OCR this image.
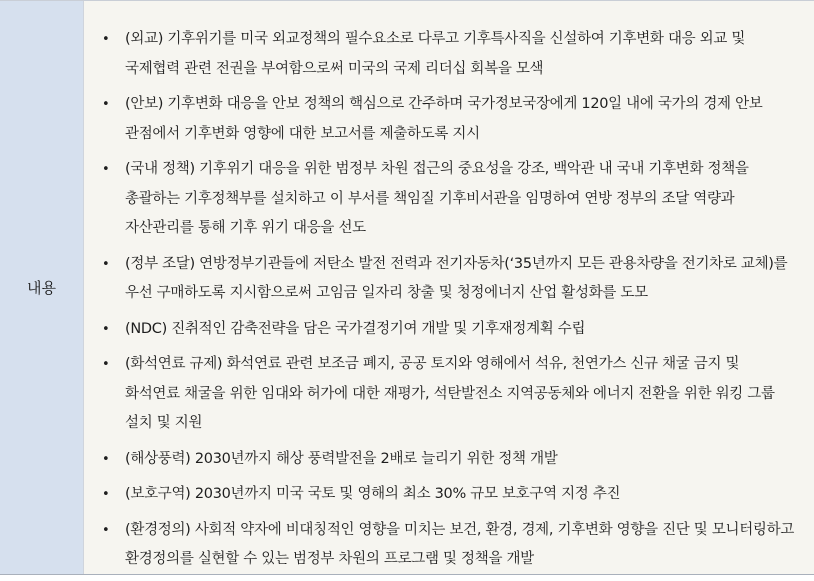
내용
• (외교) 기후위기를 미국 외교정책의 필수요소로 다루고 기후특사직을 신설하여 기후변화 대응 외교 및 국제협력 관련 전권을 부여함으로써 미국의 국제 리더십 회복을 모색
• (안보) 기후변화 대응을 안보 정책의 핵심으로 간주하며 국가정보국장에게 120일 내에 국가의 경제 안보 관점에서 기후변화 영향에 대한 보고서를 제출하도록 지시
• (국내 정책) 기후위기 대응을 위한 범정부 차원 접근의 중요성을 강조, 백악관 내 국내 기후변화 정책을 총괄하는 기후정책부를 설치하고 이 부서를 책임질 기후비서관을 임명하여 연방 정부의 조달 역량과 자산관리를 통해 기후 위기 대응을 선도
• (정부 조달) 연방정부기관들에 저탄소 발전 전력과 전기자동차(‘35년까지 모든 관용차량을 전기차로 교체)를 우선 구매하도록 지시함으로써 고임금 일자리 창출 및 청정에너지 산업 활성화를 도모
• (NDC) 진취적인 감축전략을 담은 국가결정기여 개발 및 기후재정계획 수립
• (화석연료 규제) 화석연료 관련 보조금 폐지, 공공 토지와 영해에서 석유, 천연가스 신규 채굴 금지 및 화석연료 채굴을 위한 임대와 허가에 대한 재평가, 석탄발전소 지역공동체와 에너지 전환을 위한 워킹 그룹 설치 및 지원
• (해상풍력) 2030년까지 해상 풍력발전을 2배로 늘리기 위한 정책 개발
• (보호구역) 2030년까지 미국 국토 및 영해의 최소 30% 규모 보호구역 지정 추진
• (환경정의) 사회적 약자에 비대칭적인 영향을 미치는 보건, 환경, 경제, 기후변화 영향을 진단 및 모니터링하고 환경정의를 실현할 수 있는 범정부 차원의 프로그램 및 정책을 개발
